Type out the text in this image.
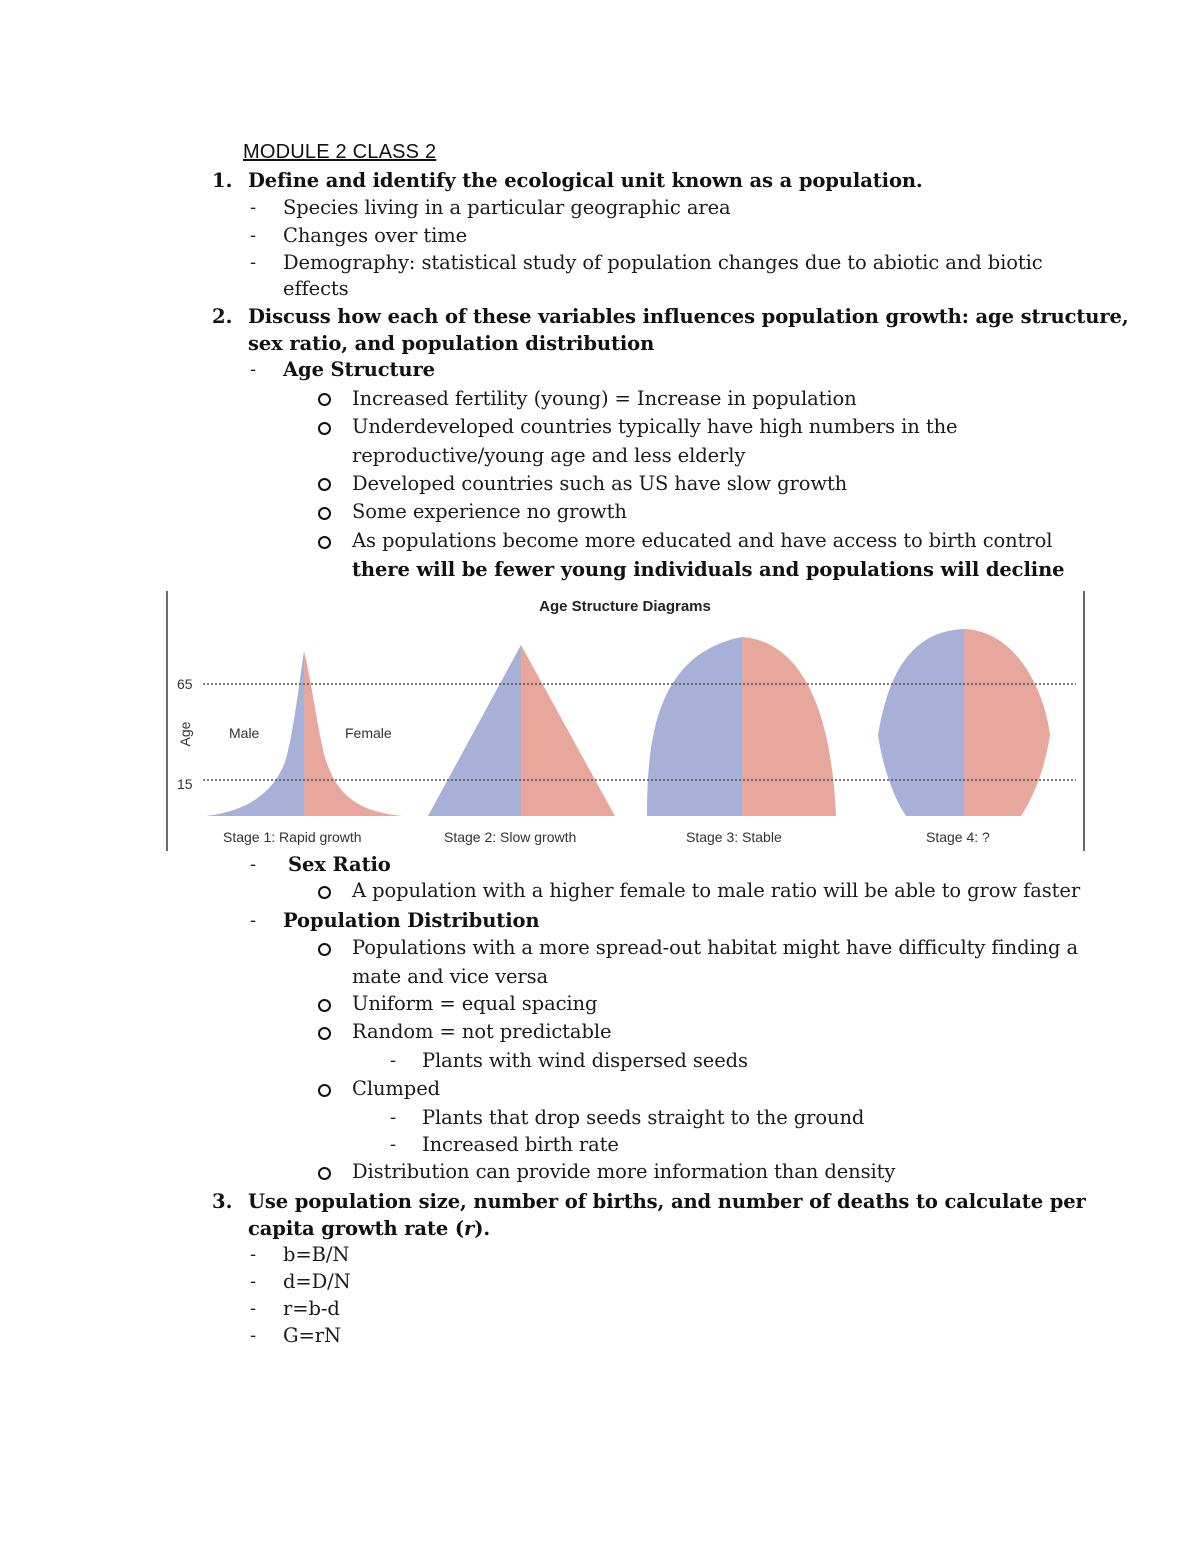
MODULE 2 CLASS 2
1. Define and identify the ecological unit known as a population.
- Species living in a particular geographic area
- Changes over time
- Demography: statistical study of population changes due to abiotic and biotic
effects
2. Discuss how each of these variables influences population growth: age structure,
sex ratio, and population distribution
- Age Structure
Increased fertility (young) = Increase in population
Underdeveloped countries typically have high numbers in the
reproductive/young age and less elderly
Developed countries such as US have slow growth
Some experience no growth
As populations become more educated and have access to birth control
there will be fewer young individuals and populations will decline
Age Structure Diagrams
65
15
Age	Male	Female
Stage 1: Rapid growth	Stage 2: Slow growth	Stage 3: Stable	Stage 4: ?
- Sex Ratio
A population with a higher female to male ratio will be able to grow faster
- Population Distribution
Populations with a more spread-out habitat might have difficulty finding a
mate and vice versa
Uniform = equal spacing
Random = not predictable
- Plants with wind dispersed seeds
Clumped
- Plants that drop seeds straight to the ground
- Increased birth rate
Distribution can provide more information than density
3. Use population size, number of births, and number of deaths to calculate per
capita growth rate (r).
- b=B/N
- d=D/N
- r=b-d
- G=rN
